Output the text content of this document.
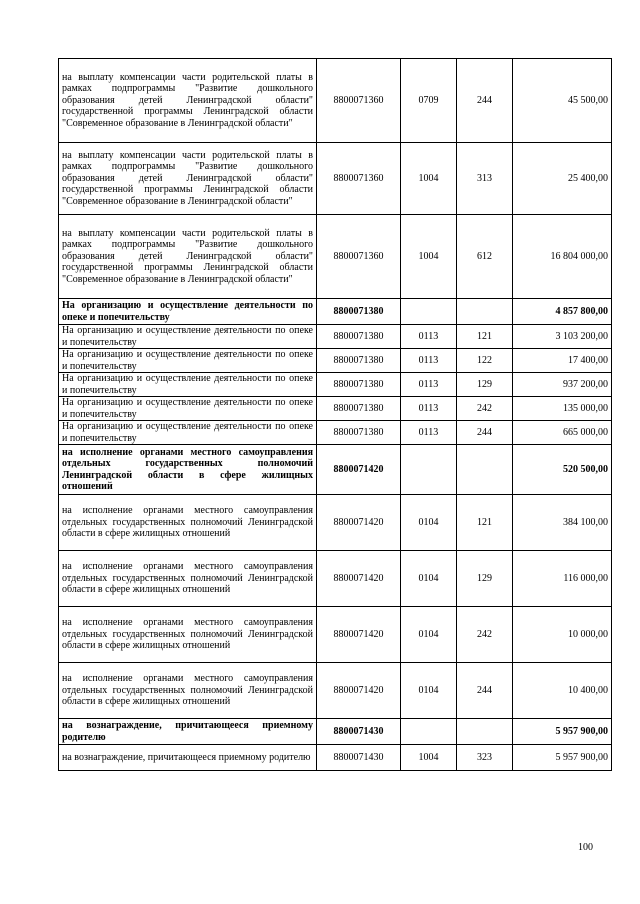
на выплату компенсации части родительской платы в рамках подпрограммы "Развитие дошкольного образования детей Ленинградской области" государственной программы Ленинградской области "Современное образование в Ленинградской области"	8800071360	0709	244	45 500,00
на выплату компенсации части родительской платы в рамках подпрограммы "Развитие дошкольного образования детей Ленинградской области" государственной программы Ленинградской области "Современное образование в Ленинградской области"	8800071360	1004	313	25 400,00
на выплату компенсации части родительской платы в рамках подпрограммы "Развитие дошкольного образования детей Ленинградской области" государственной программы Ленинградской области "Современное образование в Ленинградской области"	8800071360	1004	612	16 804 000,00
На организацию и осуществление деятельности по опеке и попечительству	8800071380			4 857 800,00
На организацию и осуществление деятельности по опеке и попечительству	8800071380	0113	121	3 103 200,00
На организацию и осуществление деятельности по опеке и попечительству	8800071380	0113	122	17 400,00
На организацию и осуществление деятельности по опеке и попечительству	8800071380	0113	129	937 200,00
На организацию и осуществление деятельности по опеке и попечительству	8800071380	0113	242	135 000,00
На организацию и осуществление деятельности по опеке и попечительству	8800071380	0113	244	665 000,00
на исполнение органами местного самоуправления отдельных государственных полномочий Ленинградской области в сфере жилищных отношений	8800071420			520 500,00
на исполнение органами местного самоуправления отдельных государственных полномочий Ленинградской области в сфере жилищных отношений	8800071420	0104	121	384 100,00
на исполнение органами местного самоуправления отдельных государственных полномочий Ленинградской области в сфере жилищных отношений	8800071420	0104	129	116 000,00
на исполнение органами местного самоуправления отдельных государственных полномочий Ленинградской области в сфере жилищных отношений	8800071420	0104	242	10 000,00
на исполнение органами местного самоуправления отдельных государственных полномочий Ленинградской области в сфере жилищных отношений	8800071420	0104	244	10 400,00
на вознаграждение, причитающееся приемному родителю	8800071430			5 957 900,00
на вознаграждение, причитающееся приемному родителю	8800071430	1004	323	5 957 900,00
100
